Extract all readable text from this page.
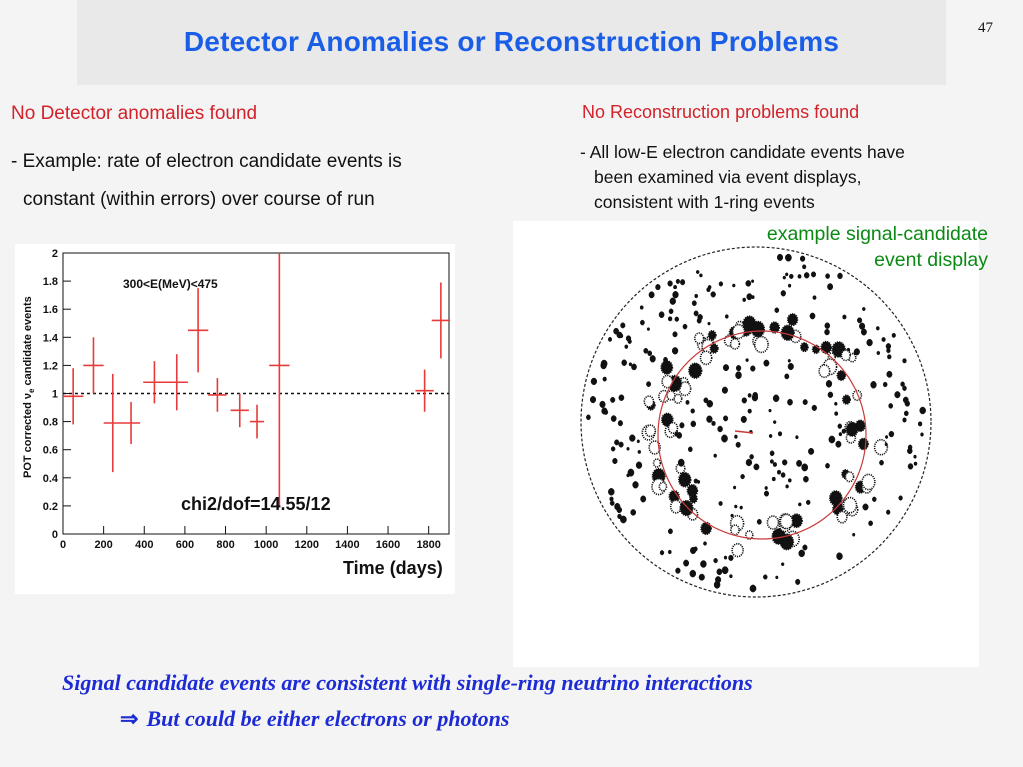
Detector Anomalies or Reconstruction Problems	47
No Detector anomalies found
- Example: rate of electron candidate events is
constant (within errors) over course of run
No Reconstruction problems found
- All low-E electron candidate events have
been examined via event displays,
consistent with 1-ring events
0	200 400 600 800 1000 1200 1400 1600 1800
0
0.2
0.4
0.6
0.8
1
1.2
1.4
1.6
1.8
2
300<E(MeV)<475
chi2/dof=14.55/12
Time (days)
POT corrected $\nu_e$ candidate events
example signal-candidate
event display
Signal candidate events are consistent with single-ring neutrino interactions
⇒ But could be either electrons or photons
